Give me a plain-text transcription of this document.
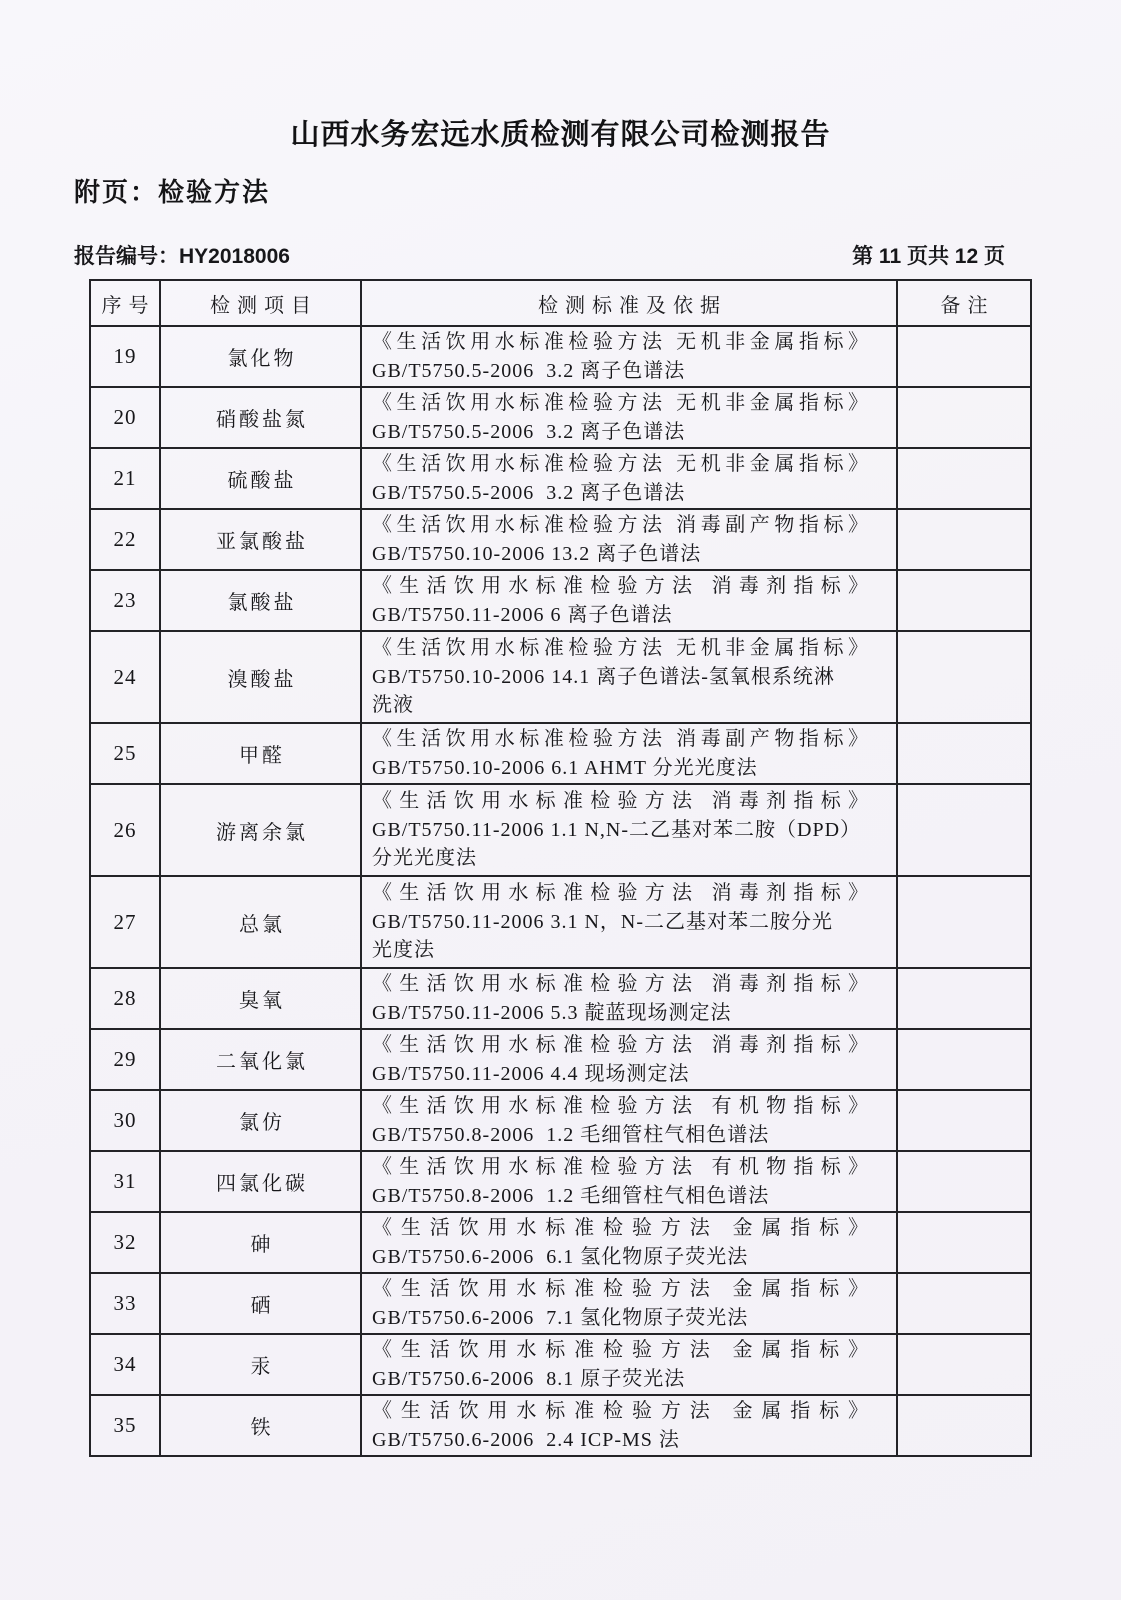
山西水务宏远水质检测有限公司检测报告
附页：检验方法
报告编号：HY2018006	第 11 页共 12 页
序号	检测项目	检测标准及依据	备注
19	氯化物	《生活饮用水标准检验方法 无机非金属指标》
GB/T5750.5-2006  3.2 离子色谱法	

20	硝酸盐氮	《生活饮用水标准检验方法 无机非金属指标》
GB/T5750.5-2006  3.2 离子色谱法	

21	硫酸盐	《生活饮用水标准检验方法 无机非金属指标》
GB/T5750.5-2006  3.2 离子色谱法	

22	亚氯酸盐	《生活饮用水标准检验方法 消毒副产物指标》
GB/T5750.10-2006 13.2 离子色谱法	

23	氯酸盐	《生活饮用水标准检验方法 消毒剂指标》
GB/T5750.11-2006 6 离子色谱法	

24	溴酸盐	《生活饮用水标准检验方法 无机非金属指标》
GB/T5750.10-2006 14.1 离子色谱法-氢氧根系统淋
洗液	

25	甲醛	《生活饮用水标准检验方法 消毒副产物指标》
GB/T5750.10-2006 6.1 AHMT 分光光度法	

26	游离余氯	《生活饮用水标准检验方法 消毒剂指标》
GB/T5750.11-2006 1.1 N,N-二乙基对苯二胺（DPD）
分光光度法	

27	总氯	《生活饮用水标准检验方法 消毒剂指标》
GB/T5750.11-2006 3.1 N，N-二乙基对苯二胺分光
光度法	

28	臭氧	《生活饮用水标准检验方法 消毒剂指标》
GB/T5750.11-2006 5.3 靛蓝现场测定法	

29	二氧化氯	《生活饮用水标准检验方法 消毒剂指标》
GB/T5750.11-2006 4.4 现场测定法	

30	氯仿	《生活饮用水标准检验方法 有机物指标》
GB/T5750.8-2006  1.2 毛细管柱气相色谱法	

31	四氯化碳	《生活饮用水标准检验方法 有机物指标》
GB/T5750.8-2006  1.2 毛细管柱气相色谱法	

32	砷	《生活饮用水标准检验方法 金属指标》
GB/T5750.6-2006  6.1 氢化物原子荧光法	

33	硒	《生活饮用水标准检验方法 金属指标》
GB/T5750.6-2006  7.1 氢化物原子荧光法	

34	汞	《生活饮用水标准检验方法 金属指标》
GB/T5750.6-2006  8.1 原子荧光法	

35	铁	《生活饮用水标准检验方法 金属指标》
GB/T5750.6-2006  2.4 ICP-MS 法	
